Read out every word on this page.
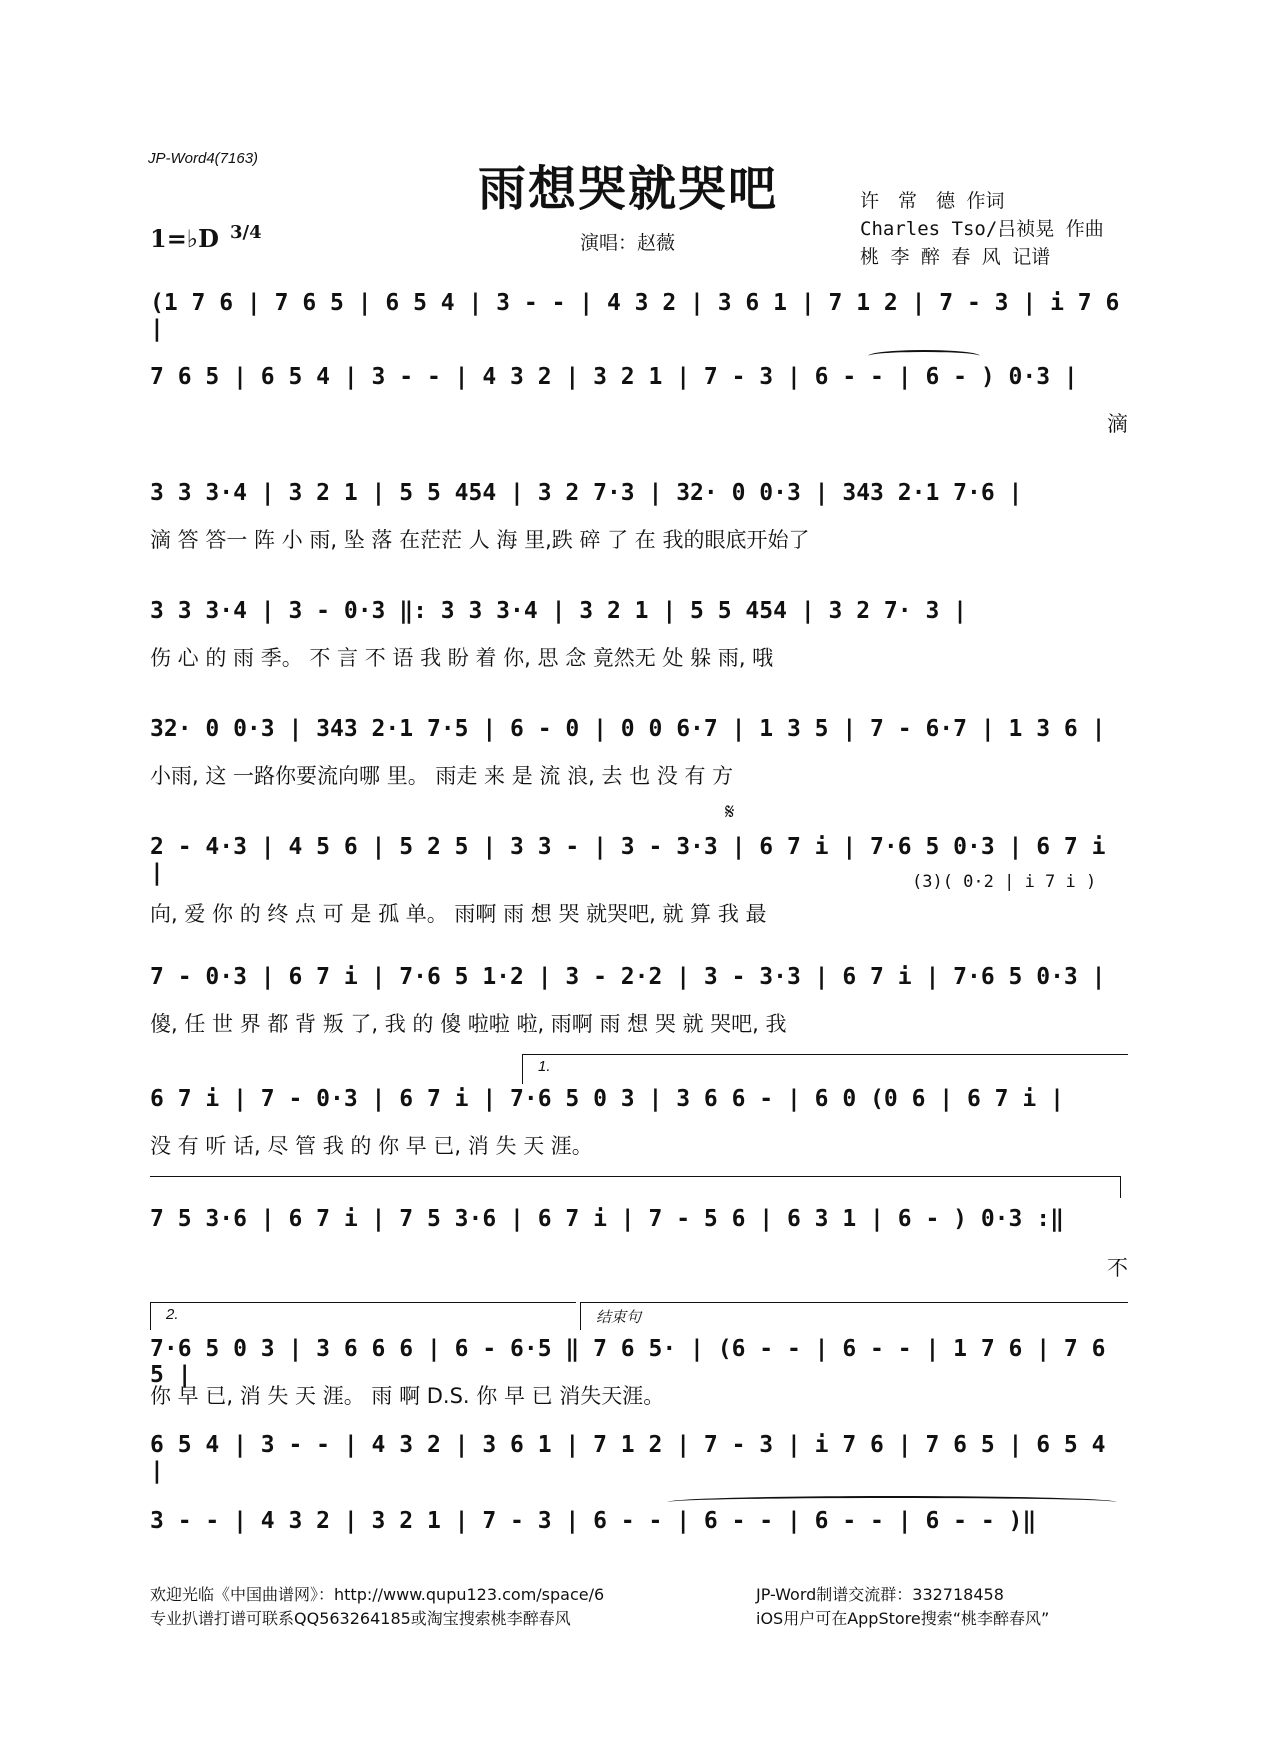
JP-Word4(7163)
雨想哭就哭吧	许　常　德 作词
Charles Tso/吕祯晃 作曲
桃 李 醉 春 风 记谱
1=♭D 3/4	演唱：赵薇
(1 7 6 | 7 6 5 | 6 5 4 | 3 - - | 4 3 2 | 3 6 1 | 7 1 2 | 7 - 3 | i 7 6 |
7 6 5 | 6 5 4 | 3 - - | 4 3 2 | 3 2 1 | 7 - 3 | 6 - - | 6 - ) 0·3 |
滴
3 3 3·4 | 3 2 1 | 5 5 454 | 3 2 7·3 | 32· 0 0·3 | 343 2·1 7·6 |
滴 答 答一 阵 小 雨, 坠 落 在茫茫 人 海 里,跌 碎 了 在 我的眼底开始了
3 3 3·4 | 3 - 0·3 ‖: 3 3 3·4 | 3 2 1 | 5 5 454 | 3 2 7· 3 |
伤 心 的 雨 季。 不 言 不 语 我 盼 着 你, 思 念 竟然无 处 躲 雨, 哦
32· 0 0·3 | 343 2·1 7·5 | 6 - 0 | 0 0 6·7 | 1 3 5 | 7 - 6·7 | 1 3 6 |
小雨, 这 一路你要流向哪 里。 雨走 来 是 流 浪, 去 也 没 有 方
𝄋
2 - 4·3 | 4 5 6 | 5 2 5 | 3 3 - | 3 - 3·3 | 6 7 i | 7·6 5 0·3 | 6 7 i |
向, 爱 你 的 终 点 可 是 孤 单。 雨啊 雨 想 哭 就哭吧, 就 算 我 最
(3)( 0·2 | i 7 i )
7 - 0·3 | 6 7 i | 7·6 5 1·2 | 3 - 2·2 | 3 - 3·3 | 6 7 i | 7·6 5 0·3 |
傻, 任 世 界 都 背 叛 了, 我 的 傻 啦啦 啦, 雨啊 雨 想 哭 就 哭吧, 我
1.
6 7 i | 7 - 0·3 | 6 7 i | 7·6 5 0 3 | 3 6 6 - | 6 0 (0 6 | 6 7 i |
没 有 听 话, 尽 管 我 的 你 早 已, 消 失 天 涯。
7 5 3·6 | 6 7 i | 7 5 3·6 | 6 7 i | 7 - 5 6 | 6 3 1 | 6 - ) 0·3 :‖
不
2.	结束句
7·6 5 0 3 | 3 6 6 6 | 6 - 6·5 ‖ 7 6 5· | (6 - - | 6 - - | 1 7 6 | 7 6 5 |
你 早 已, 消 失 天 涯。 雨 啊 D.S. 你 早 已 消失天涯。
6 5 4 | 3 - - | 4 3 2 | 3 6 1 | 7 1 2 | 7 - 3 | i 7 6 | 7 6 5 | 6 5 4 |
3 - - | 4 3 2 | 3 2 1 | 7 - 3 | 6 - - | 6 - - | 6 - - | 6 - - )‖
欢迎光临《中国曲谱网》：http://www.qupu123.com/space/6
专业扒谱打谱可联系QQ563264185或淘宝搜索桃李醉春风
JP-Word制谱交流群：332718458
iOS用户可在AppStore搜索“桃李醉春风”
